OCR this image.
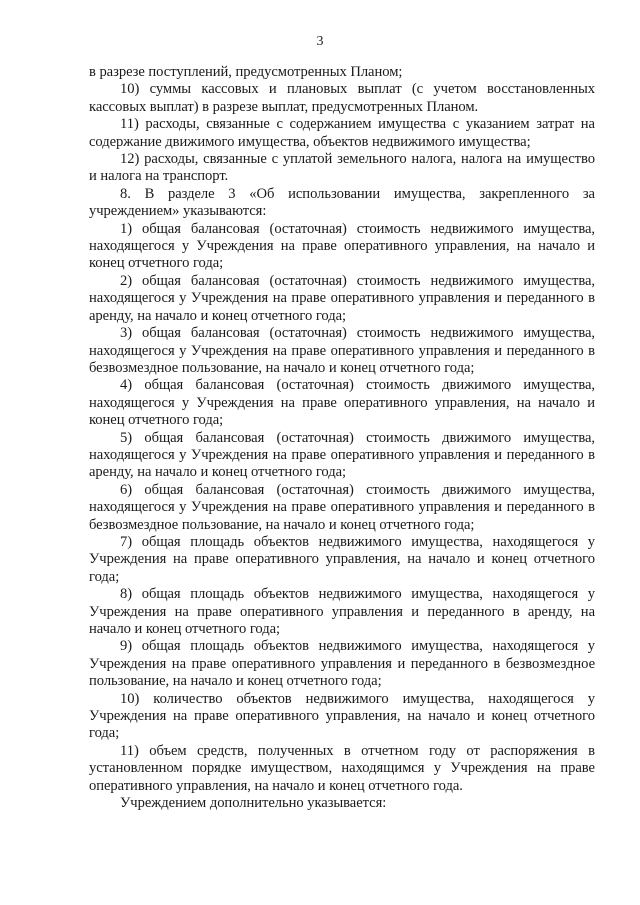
3

в разрезе поступлений, предусмотренных Планом;

10) суммы кассовых и плановых выплат (с учетом восстановленных кассовых выплат) в разрезе выплат, предусмотренных Планом.

11) расходы, связанные с содержанием имущества с указанием затрат на содержание движимого имущества, объектов недвижимого имущества;

12) расходы, связанные с уплатой земельного налога, налога на имущество и налога на транспорт.

8. В разделе 3 «Об использовании имущества, закрепленного за учреждением» указываются:

1) общая балансовая (остаточная) стоимость недвижимого имущества, находящегося у Учреждения на праве оперативного управления, на начало и конец отчетного года;

2) общая балансовая (остаточная) стоимость недвижимого имущества, находящегося у Учреждения на праве оперативного управления и переданного в аренду, на начало и конец отчетного года;

3) общая балансовая (остаточная) стоимость недвижимого имущества, находящегося у Учреждения на праве оперативного управления и переданного в безвозмездное пользование, на начало и конец отчетного года;

4) общая балансовая (остаточная) стоимость движимого имущества, находящегося у Учреждения на праве оперативного управления, на начало и конец отчетного года;

5) общая балансовая (остаточная) стоимость движимого имущества, находящегося у Учреждения на праве оперативного управления и переданного в аренду, на начало и конец отчетного года;

6) общая балансовая (остаточная) стоимость движимого имущества, находящегося у Учреждения на праве оперативного управления и переданного в безвозмездное пользование, на начало и конец отчетного года;

7) общая площадь объектов недвижимого имущества, находящегося у Учреждения на праве оперативного управления, на начало и конец отчетного года;

8) общая площадь объектов недвижимого имущества, находящегося у Учреждения на праве оперативного управления и переданного в аренду, на начало и конец отчетного года;

9) общая площадь объектов недвижимого имущества, находящегося у Учреждения на праве оперативного управления и переданного в безвозмездное пользование, на начало и конец отчетного года;

10) количество объектов недвижимого имущества, находящегося у Учреждения на праве оперативного управления, на начало и конец отчетного года;

11) объем средств, полученных в отчетном году от распоряжения в установленном порядке имуществом, находящимся у Учреждения на праве оперативного управления, на начало и конец отчетного года.

Учреждением дополнительно указывается:
